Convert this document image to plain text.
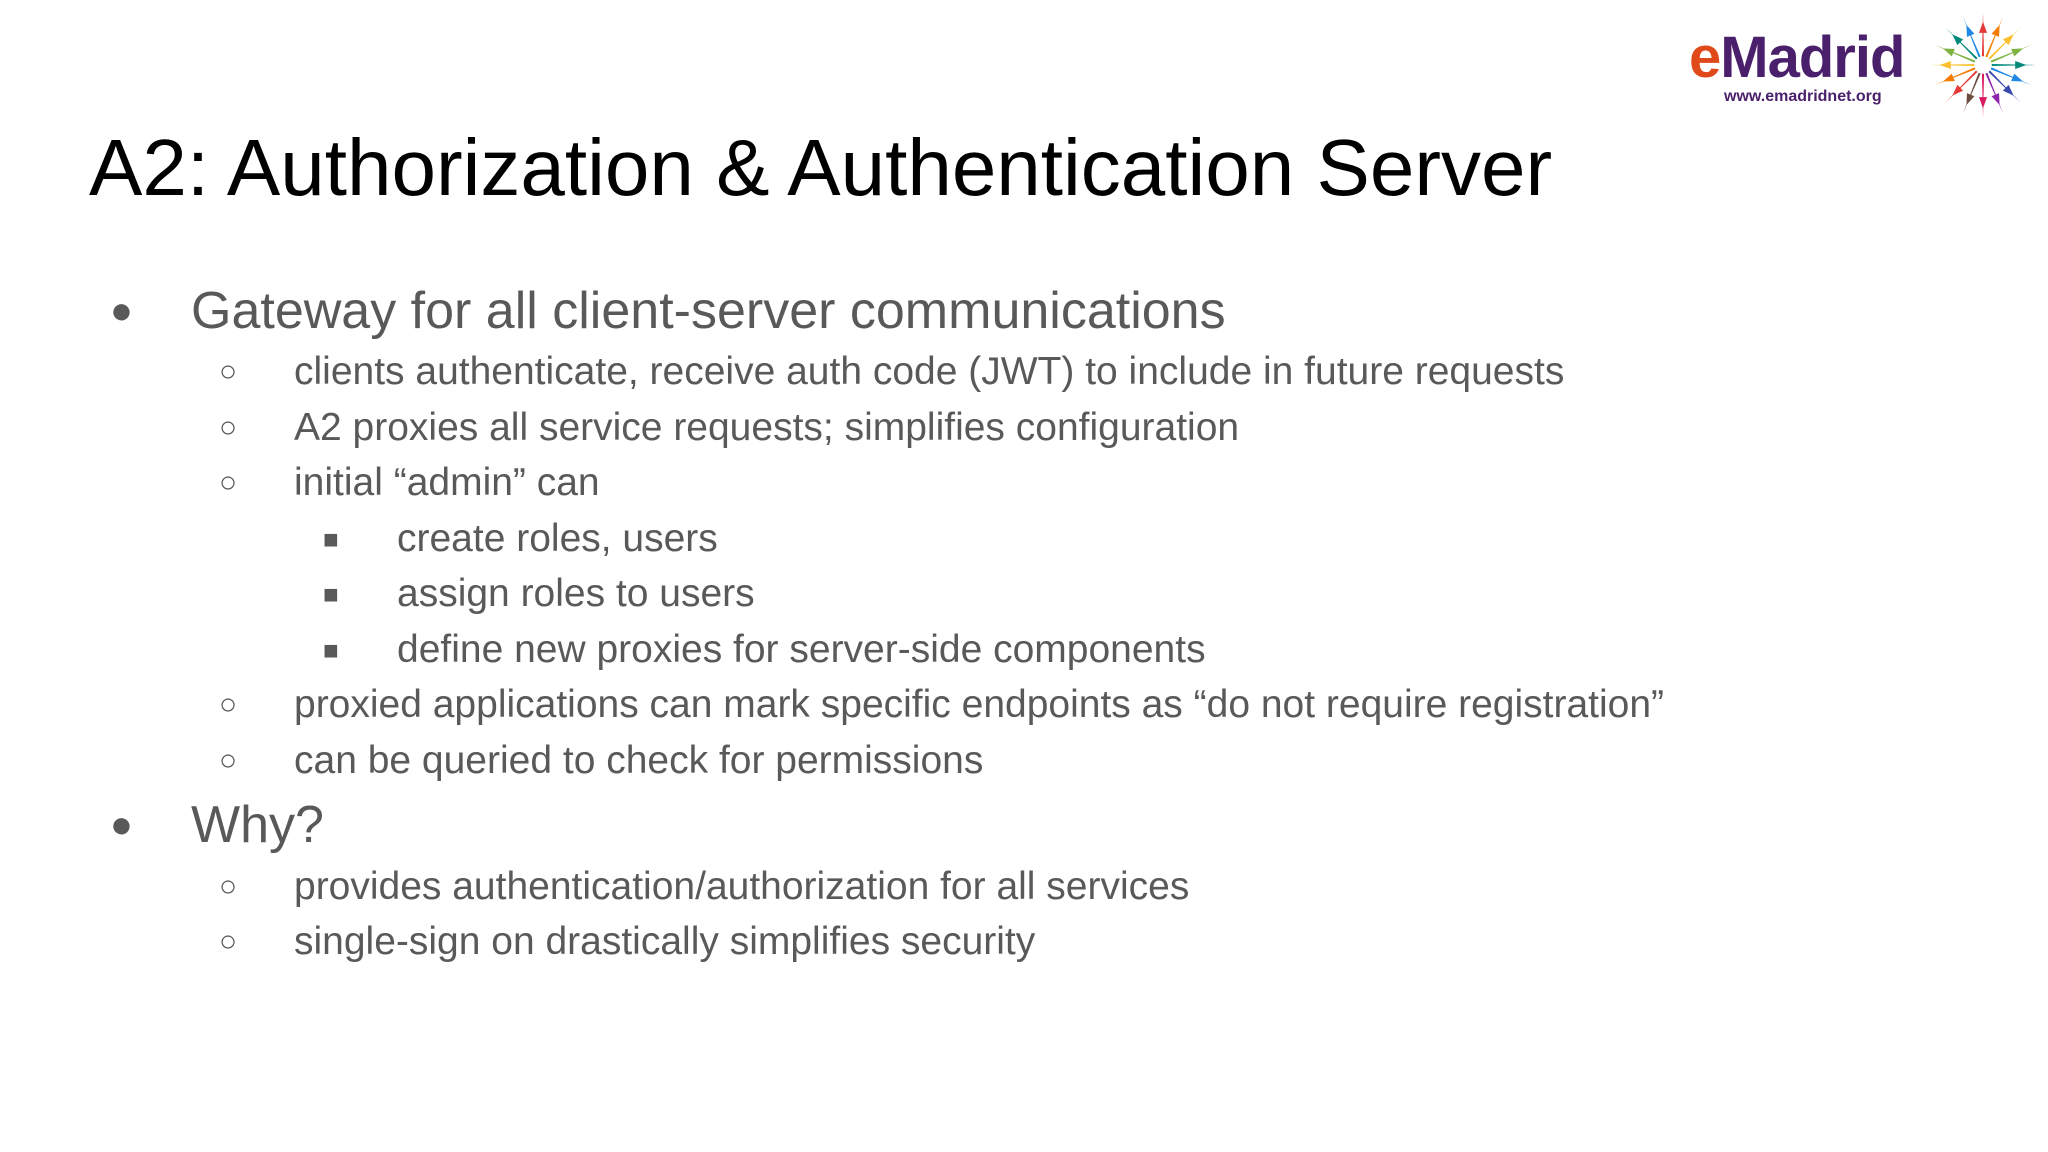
A2: Authorization & Authentication Server
eMadrid
www.emadridnet.org
● Gateway for all client-server communications
○ clients authenticate, receive auth code (JWT) to include in future requests
○ A2 proxies all service requests; simplifies configuration
○ initial “admin” can
■ create roles, users
■ assign roles to users
■ define new proxies for server-side components
○ proxied applications can mark specific endpoints as “do not require registration”
○ can be queried to check for permissions
● Why?
○ provides authentication/authorization for all services
○ single-sign on drastically simplifies security
